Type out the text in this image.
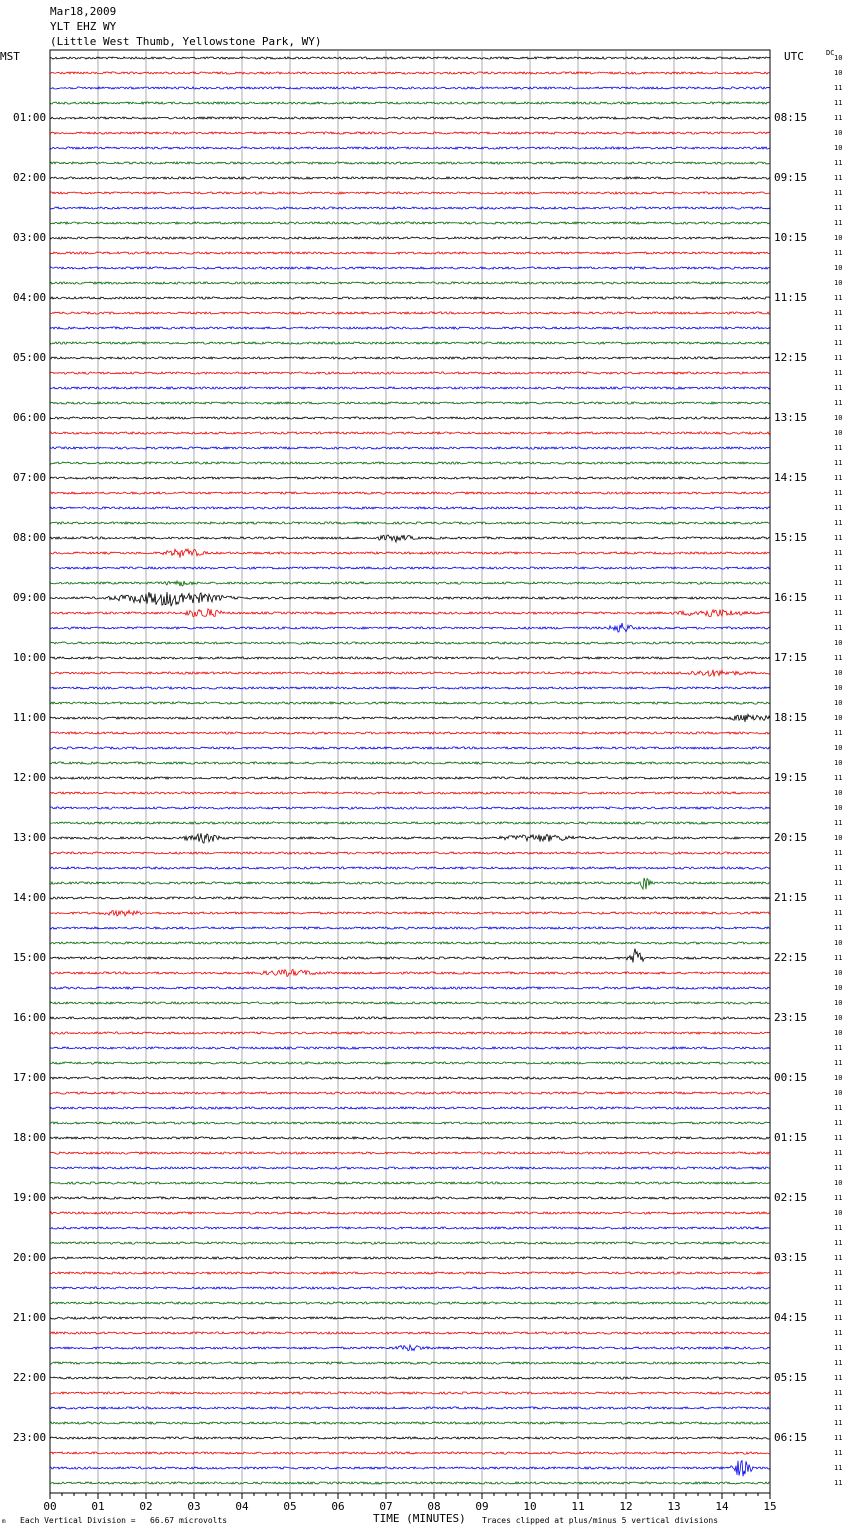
Mar18,2009
YLT EHZ WY
(Little West Thumb, Yellowstone Park, WY)
MST	UTC	DC
01:00
02:00
03:00
04:00
05:00
06:00
07:00
08:00
09:00
10:00
11:00
12:00
13:00
14:00
15:00
16:00
17:00
18:00
19:00
20:00
21:00
22:00
23:00
08:15
09:15
10:15
11:15
12:15
13:15
14:15
15:15
16:15
17:15
18:15
19:15
20:15
21:15
22:15
23:15
00:15
01:15
02:15
03:15
04:15
05:15
06:15
10
10
11
11
11
10
10
11
11
11
11
11
10
11
10
10
11
11
11
11
11
11
11
11
10
10
11
11
11
11
11
11
11
11
11
11
11
11
11
10
11
10
10
10
10
11
10
10
11
10
10
11
10
11
11
11
11
11
11
10
11
10
10
10
10
10
11
11
10
10
11
11
11
11
11
10
11
10
11
11
11
11
11
11
11
11
11
11
11
11
11
11
11
11
11
11
00	01	02	03	04	05	06	07	08	09	10	11	12	13	14	15
TIME (MINUTES)
m Each Vertical Division =   66.67 microvolts	Traces clipped at plus/minus 5 vertical divisions
